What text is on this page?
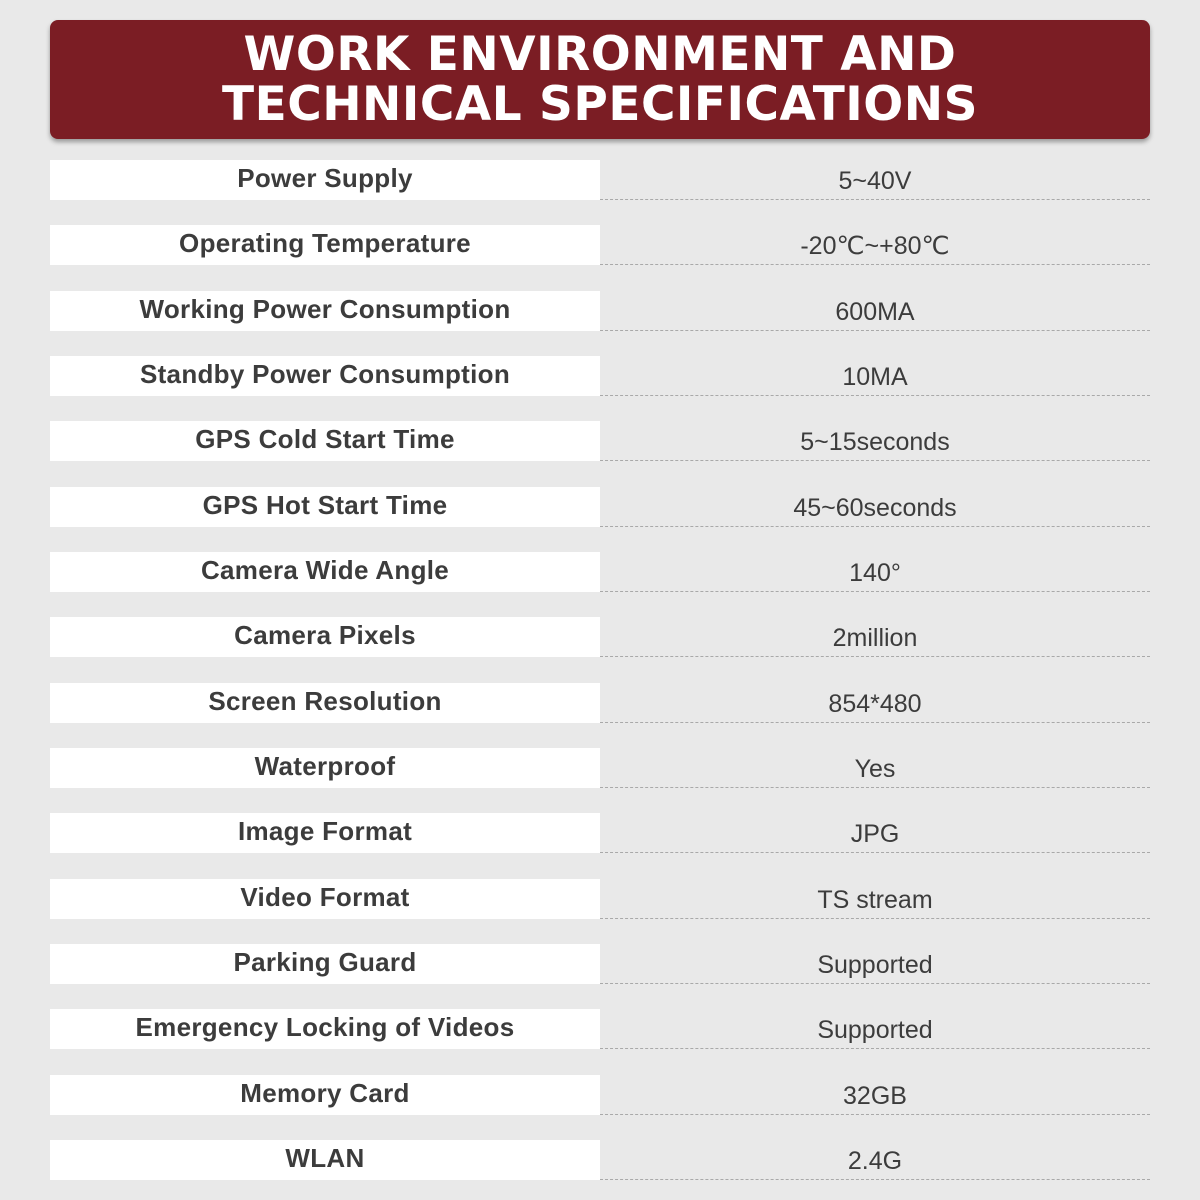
WORK ENVIRONMENT AND
TECHNICAL SPECIFICATIONS
Power Supply	5~40V
Operating Temperature	-20℃~+80℃
Working Power Consumption	600MA
Standby Power Consumption	10MA
GPS Cold Start Time	5~15seconds
GPS Hot Start Time	45~60seconds
Camera Wide Angle	140°
Camera Pixels	2million
Screen Resolution	854*480
Waterproof	Yes
Image Format	JPG
Video Format	TS stream
Parking Guard	Supported
Emergency Locking of Videos	Supported
Memory Card	32GB
WLAN	2.4G
